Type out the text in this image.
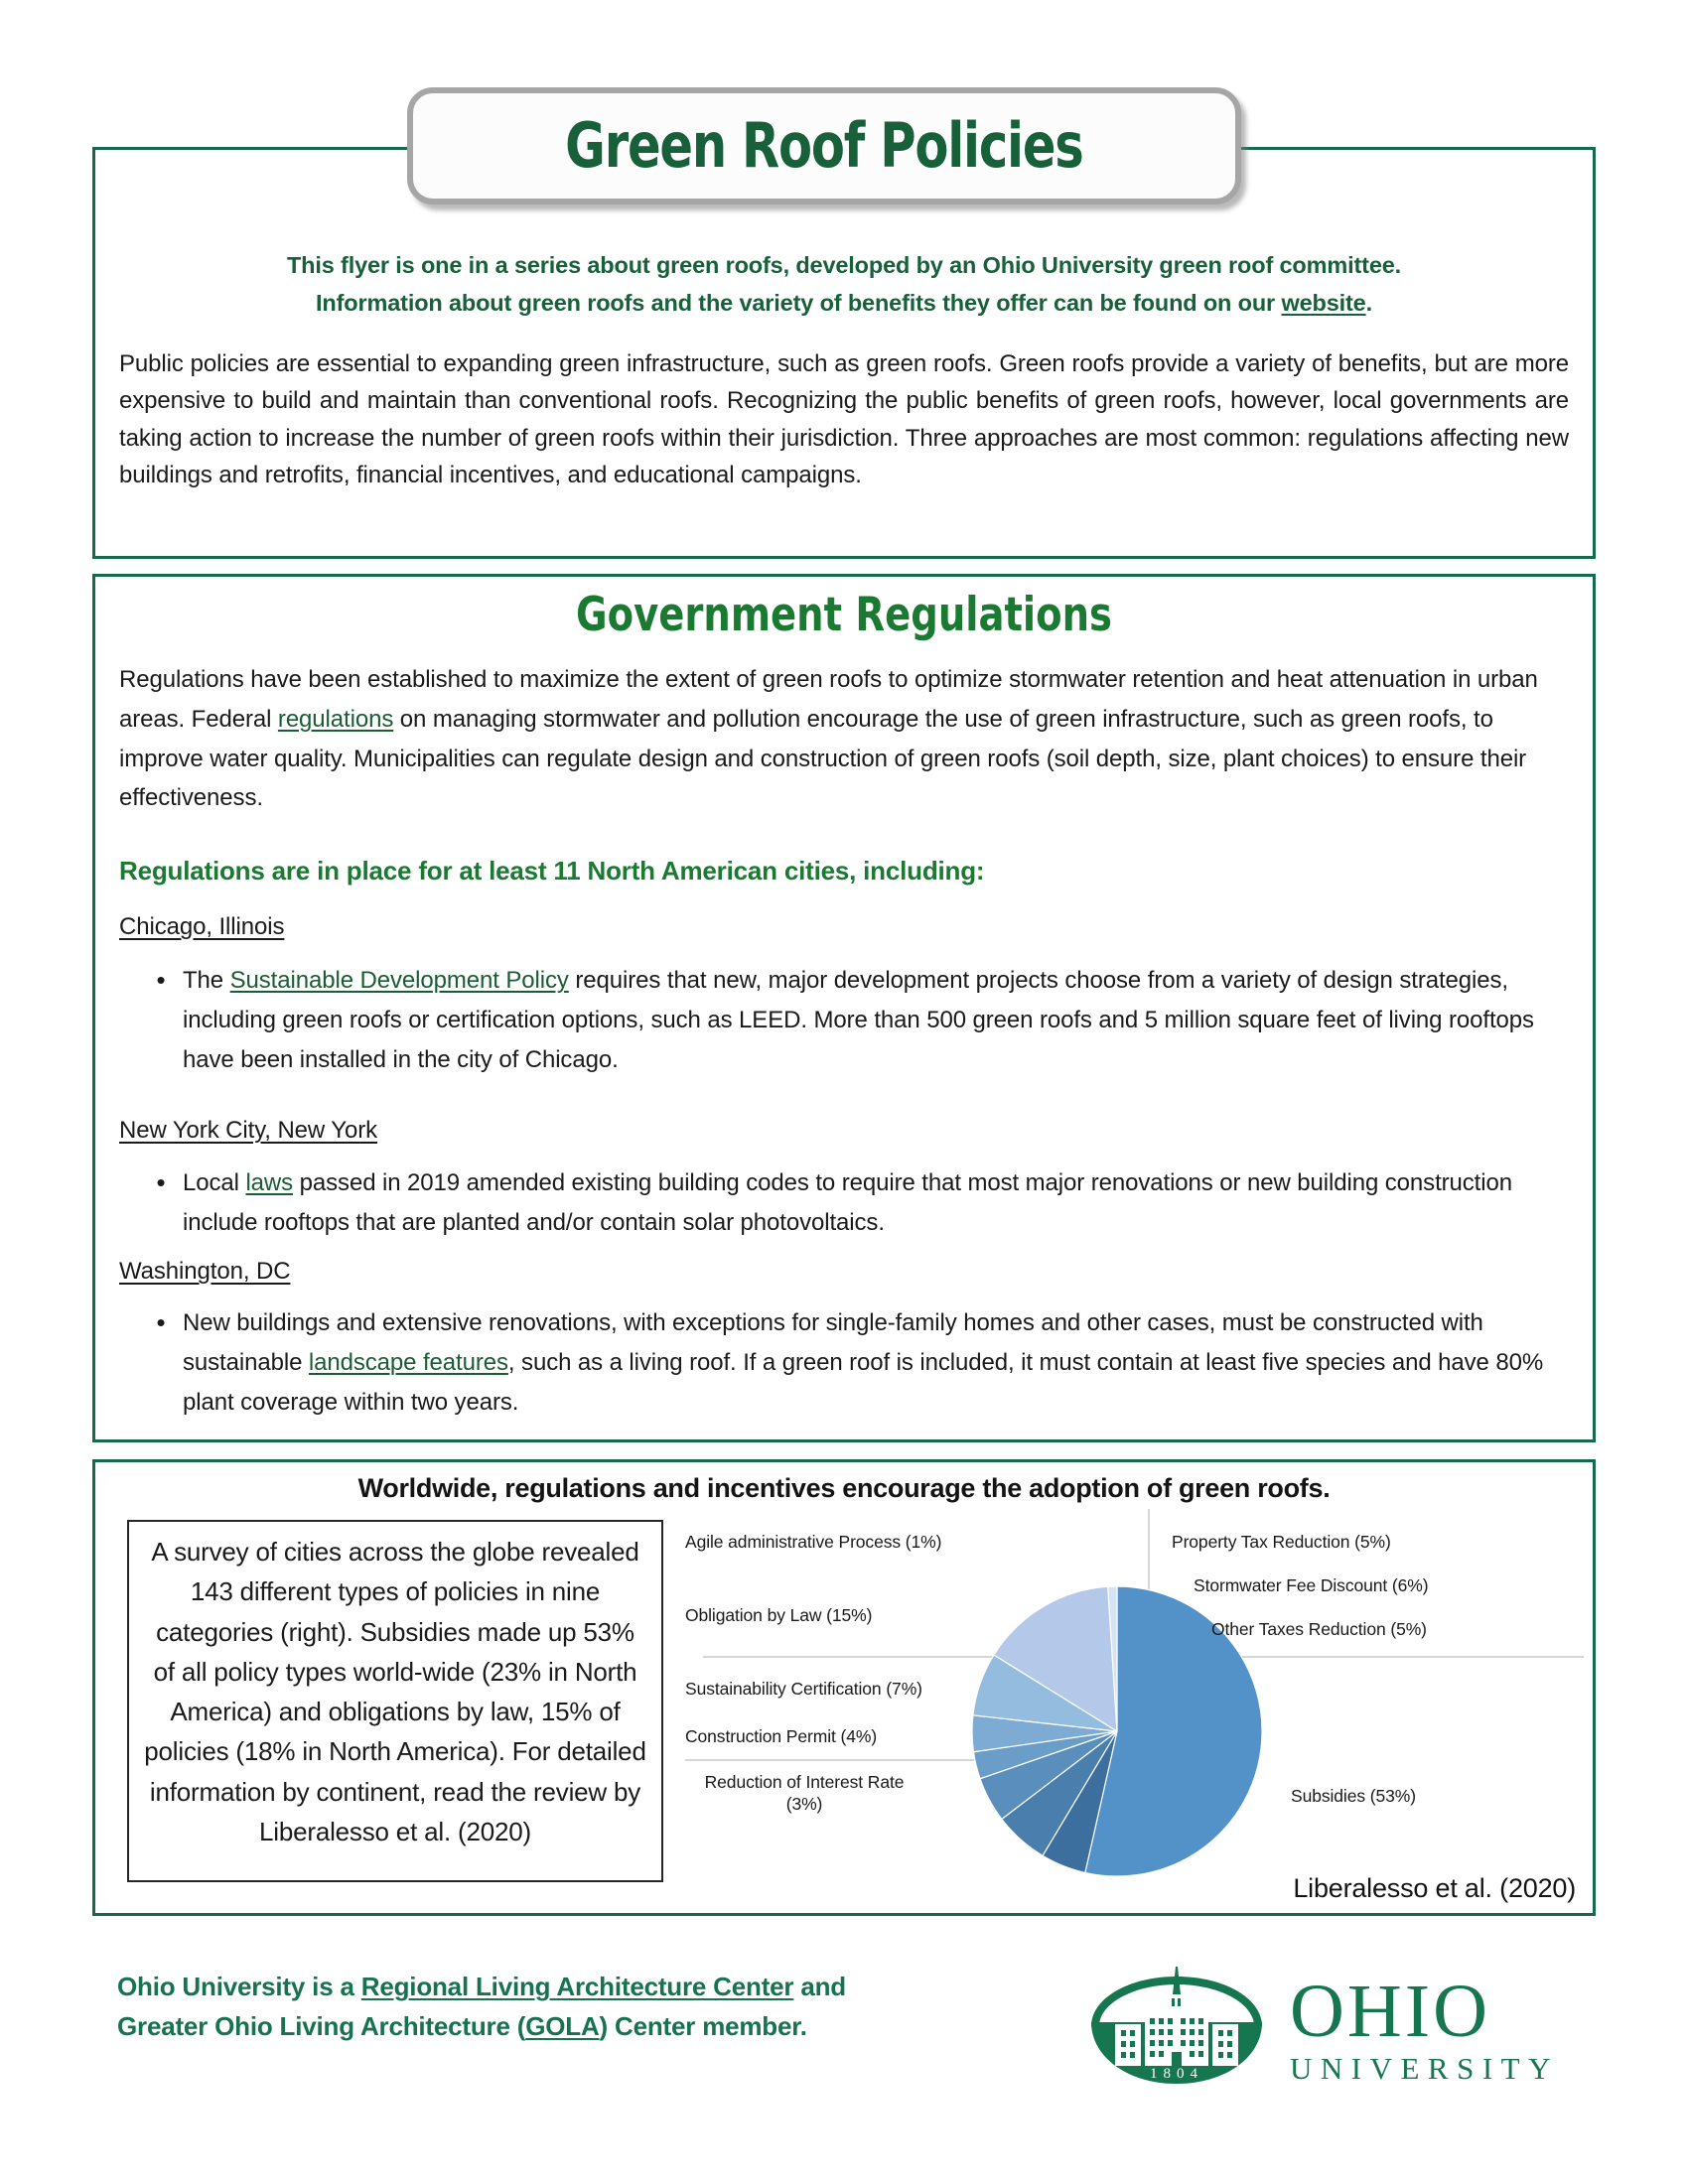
Green Roof Policies
This flyer is one in a series about green roofs, developed by an Ohio University green roof committee.
Information about green roofs and the variety of benefits they offer can be found on our website.
Public policies are essential to expanding green infrastructure, such as green roofs. Green roofs provide a variety of benefits, but are more expensive to build and maintain than conventional roofs. Recognizing the public benefits of green roofs, however, local governments are taking action to increase the number of green roofs within their jurisdiction. Three approaches are most common: regulations affecting new buildings and retrofits, financial incentives, and educational campaigns.
Government Regulations
Regulations have been established to maximize the extent of green roofs to optimize stormwater retention and heat attenuation in urban areas. Federal regulations on managing stormwater and pollution encourage the use of green infrastructure, such as green roofs, to improve water quality. Municipalities can regulate design and construction of green roofs (soil depth, size, plant choices) to ensure their effectiveness.
Regulations are in place for at least 11 North American cities, including:
Chicago, Illinois
• The Sustainable Development Policy requires that new, major development projects choose from a variety of design strategies, including green roofs or certification options, such as LEED. More than 500 green roofs and 5 million square feet of living rooftops have been installed in the city of Chicago.
New York City, New York
• Local laws passed in 2019 amended existing building codes to require that most major renovations or new building construction include rooftops that are planted and/or contain solar photovoltaics.
Washington, DC
• New buildings and extensive renovations, with exceptions for single-family homes and other cases, must be constructed with sustainable landscape features, such as a living roof. If a green roof is included, it must contain at least five species and have 80% plant coverage within two years.
Worldwide, regulations and incentives encourage the adoption of green roofs.
A survey of cities across the globe revealed 143 different types of policies in nine categories (right). Subsidies made up 53% of all policy types world-wide (23% in North America) and obligations by law, 15% of policies (18% in North America). For detailed information by continent, read the review by Liberalesso et al. (2020)
Agile administrative Process (1%)
Obligation by Law (15%)
Sustainability Certification (7%)
Construction Permit (4%)
Reduction of Interest Rate (3%)
Property Tax Reduction (5%)
Stormwater Fee Discount (6%)
Other Taxes Reduction (5%)
Subsidies (53%)
Liberalesso et al. (2020)
Ohio University is a Regional Living Architecture Center and
Greater Ohio Living Architecture (GOLA) Center member.
1804
OHIO
UNIVERSITY
